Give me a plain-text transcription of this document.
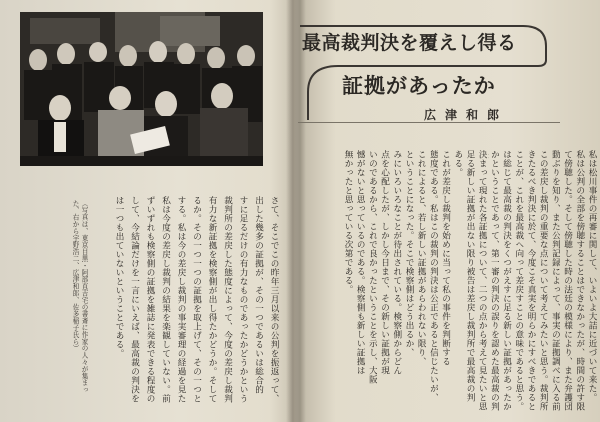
（写真は、東京目黒・阿部直吉宅の書斎に作家の人々が集まった、右から宇野浩二、広津和郎、佐多稲子氏ら）	さて、そこでこの昨年三月以来の公判を振返って、
出した幾多の証拠が、その一つであるいは総合的
すに足るだけの有力なものであったかどうかという
裁判所の差戻した態度によって、今度の差戻し裁判
有力な新証拠を検察側が出し得たかどうか。そして
るか。その一つ一つの証拠を取上げて、その一つと
する。私は今の差戻し裁判の事実審理の経過を見た
私は今度の差戻し裁判の結果を楽観していない。前
ずいずれも検察側の証拠を雑誌に発表できる程度の
して、今結論だけを一言にいえば、最高裁の判決を
は一つも出ていないということである。
最高裁判決を覆えし得る
証拠があったか
広津和郎
私は松川事件の再審に関して、いよいよ大詰に近づいて来た。
私は公判の全部を傍聴することはできなかったが、時間の許す限
て傍聴した。そして傍聴した時の法廷の模様により、また弁護団
動ぶりを知り、また公判記録によって、事実の証拠調べに入る前
この差戻し裁判の重要な点について考えてみたいと思う。裁判所
きたるべき判決に於て、今度こそ真実を明らかにすべきであると
ことが、これを最高裁へ向って差戻すことの意味であると思う。
は総じて最高裁の判決をくつがえすに足る新しい証拠があったか
かということであって、第一審の判決の誤りを認めた最高裁の判
決まって現れた各証拠について、二つの点から考えて見たいと思
足る新しい証拠が出ない限り被告は差戻し裁判所で最高裁の判
ある。
これが差戻し裁判を始めに当って私の事件を判断する
態度である。私はこの裁判の判決は公正であると信じたいが、
これによると、若し新しい証拠があらわれない限り、
ということになった。そこで検察側はどう出るか、
みにいろいろなことが待出されている。検察側からどん
点を心配したが、しかし今日まで、その新しい証拠が現
いのであるから、これで良かったということを示し、大阪
憾がないと思っているのである。検察側も新しい証拠は
無かったと思っている次第である。
